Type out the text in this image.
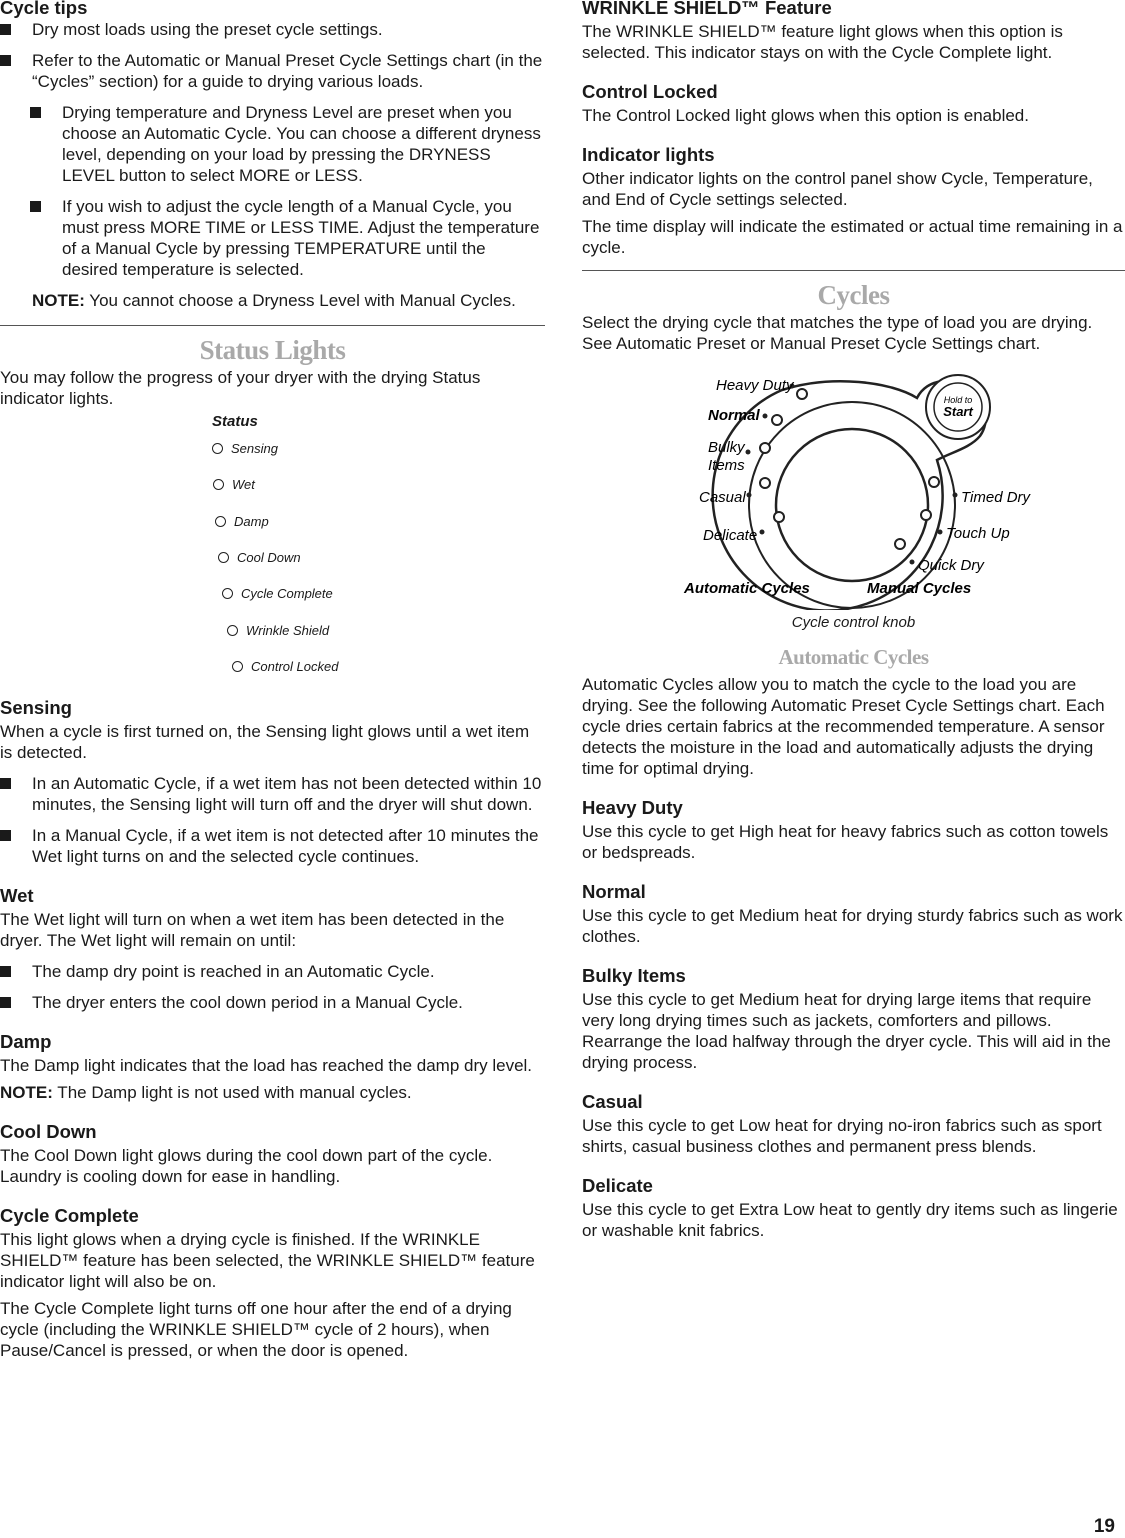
Cycle tips

Dry most loads using the preset cycle settings.

Refer to the Automatic or Manual Preset Cycle Settings chart (in the “Cycles” section) for a guide to drying various loads.

Drying temperature and Dryness Level are preset when you choose an Automatic Cycle. You can choose a different dryness level, depending on your load by pressing the DRYNESS LEVEL button to select MORE or LESS.

If you wish to adjust the cycle length of a Manual Cycle, you must press MORE TIME or LESS TIME. Adjust the temperature of a Manual Cycle by pressing TEMPERATURE until the desired temperature is selected.

NOTE: You cannot choose a Dryness Level with Manual Cycles.

Status Lights

You may follow the progress of your dryer with the drying Status indicator lights.

Status
Sensing
Wet
Damp
Cool Down
Cycle Complete
Wrinkle Shield
Control Locked

Sensing

When a cycle is first turned on, the Sensing light glows until a wet item is detected.

In an Automatic Cycle, if a wet item has not been detected within 10 minutes, the Sensing light will turn off and the dryer will shut down.

In a Manual Cycle, if a wet item is not detected after 10 minutes the Wet light turns on and the selected cycle continues.

Wet

The Wet light will turn on when a wet item has been detected in the dryer. The Wet light will remain on until:

The damp dry point is reached in an Automatic Cycle.

The dryer enters the cool down period in a Manual Cycle.

Damp

The Damp light indicates that the load has reached the damp dry level.

NOTE: The Damp light is not used with manual cycles.

Cool Down

The Cool Down light glows during the cool down part of the cycle. Laundry is cooling down for ease in handling.

Cycle Complete

This light glows when a drying cycle is finished. If the WRINKLE SHIELD™ feature has been selected, the WRINKLE SHIELD™ feature indicator light will also be on.

The Cycle Complete light turns off one hour after the end of a drying cycle (including the WRINKLE SHIELD™ cycle of 2 hours), when Pause/Cancel is pressed, or when the door is opened.

WRINKLE SHIELD™ Feature

The WRINKLE SHIELD™ feature light glows when this option is selected. This indicator stays on with the Cycle Complete light.

Control Locked

The Control Locked light glows when this option is enabled.

Indicator lights

Other indicator lights on the control panel show Cycle, Temperature, and End of Cycle settings selected.

The time display will indicate the estimated or actual time remaining in a cycle.

Cycles

Select the drying cycle that matches the type of load you are drying. See Automatic Preset or Manual Preset Cycle Settings chart.

Hold to
Start
Heavy Duty
Normal
Bulky
Items
Casual
Delicate
Timed Dry
Touch Up
Quick Dry
Automatic Cycles	Manual Cycles

Cycle control knob

Automatic Cycles

Automatic Cycles allow you to match the cycle to the load you are drying. See the following Automatic Preset Cycle Settings chart. Each cycle dries certain fabrics at the recommended temperature. A sensor detects the moisture in the load and automatically adjusts the drying time for optimal drying.

Heavy Duty

Use this cycle to get High heat for heavy fabrics such as cotton towels or bedspreads.

Normal

Use this cycle to get Medium heat for drying sturdy fabrics such as work clothes.

Bulky Items

Use this cycle to get Medium heat for drying large items that require very long drying times such as jackets, comforters and pillows. Rearrange the load halfway through the dryer cycle. This will aid in the drying process.

Casual

Use this cycle to get Low heat for drying no-iron fabrics such as sport shirts, casual business clothes and permanent press blends.

Delicate

Use this cycle to get Extra Low heat to gently dry items such as lingerie or washable knit fabrics.

19
